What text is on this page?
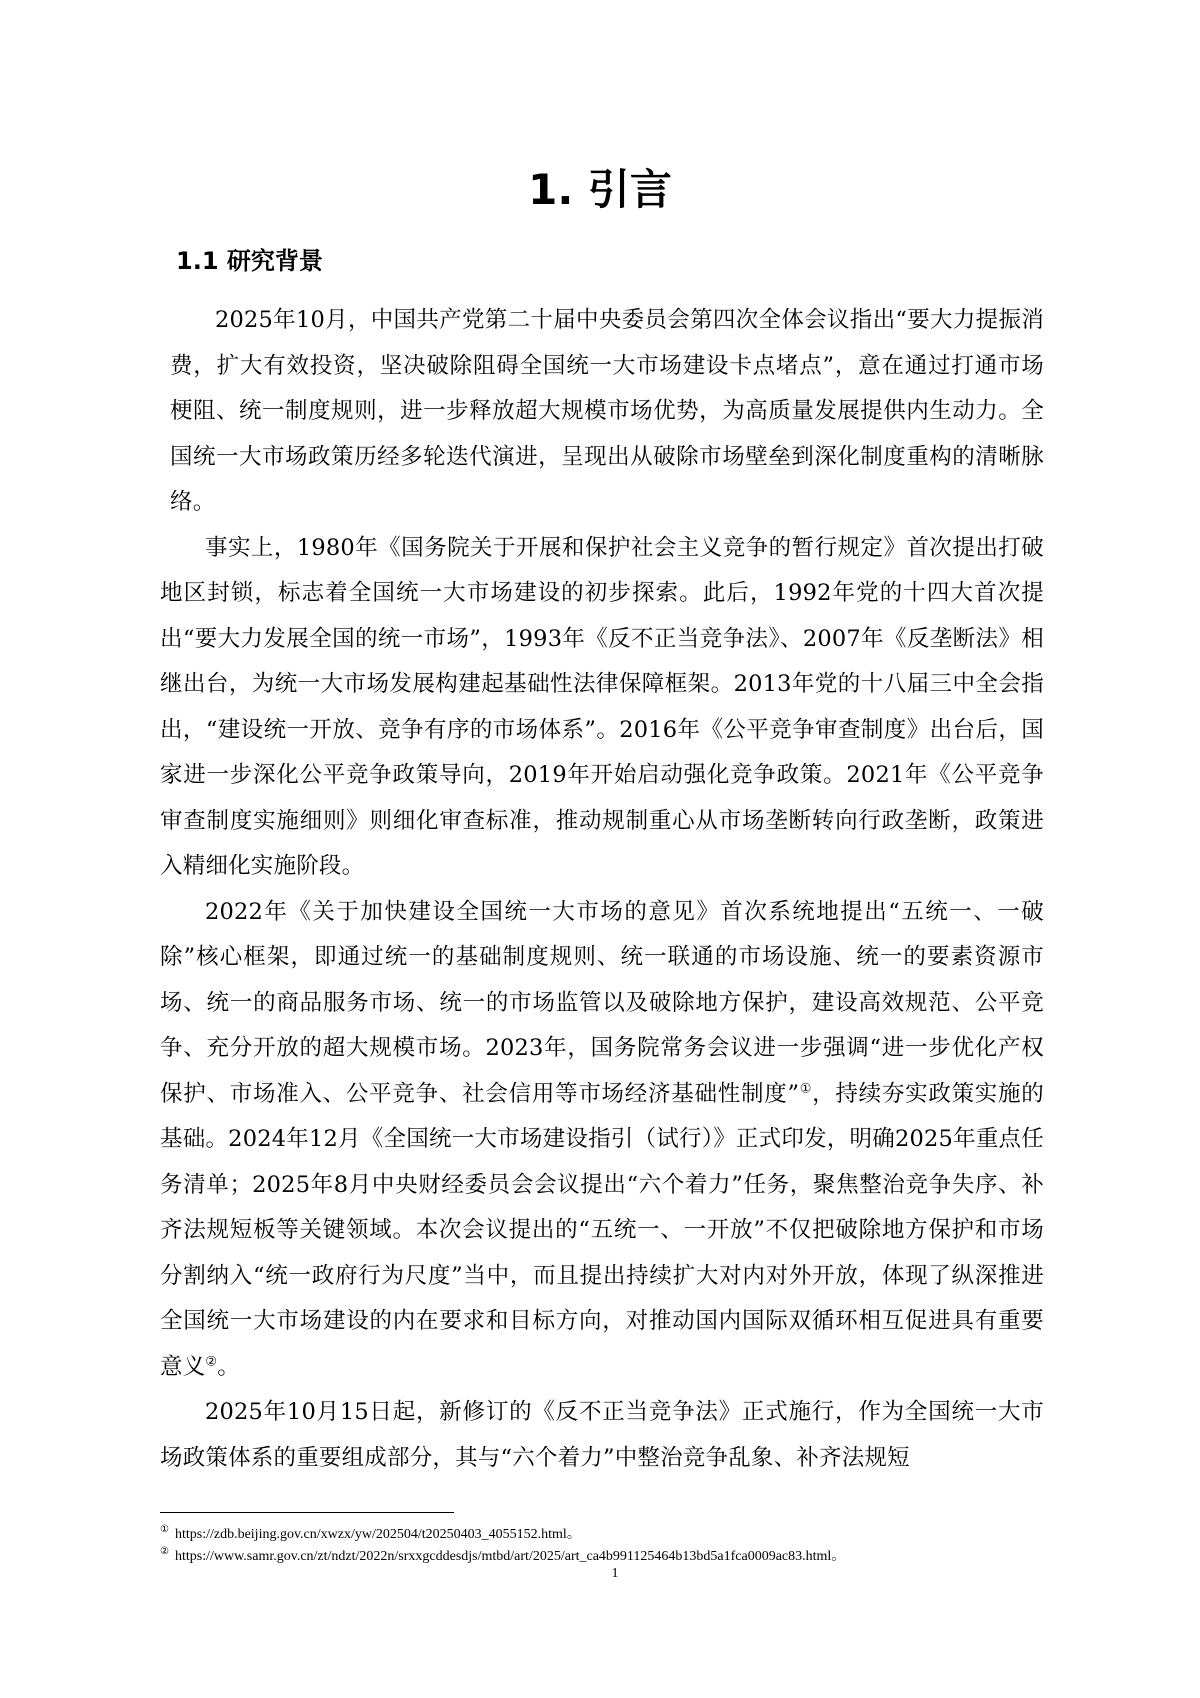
1. 引言
1.1 研究背景

2025年10月，中国共产党第二十届中央委员会第四次全体会议指出“要大力提振消费，扩大有效投资，坚决破除阻碍全国统一大市场建设卡点堵点”，意在通过打通市场梗阻、统一制度规则，进一步释放超大规模市场优势，为高质量发展提供内生动力。全国统一大市场政策历经多轮迭代演进，呈现出从破除市场壁垒到深化制度重构的清晰脉络。

事实上，1980年《国务院关于开展和保护社会主义竞争的暂行规定》首次提出打破地区封锁，标志着全国统一大市场建设的初步探索。此后，1992年党的十四大首次提出“要大力发展全国的统一市场”，1993年《反不正当竞争法》、2007年《反垄断法》相继出台，为统一大市场发展构建起基础性法律保障框架。2013年党的十八届三中全会指出，“建设统一开放、竞争有序的市场体系”。2016年《公平竞争审查制度》出台后，国家进一步深化公平竞争政策导向，2019年开始启动强化竞争政策。2021年《公平竞争审查制度实施细则》则细化审查标准，推动规制重心从市场垄断转向行政垄断，政策进入精细化实施阶段。

2022年《关于加快建设全国统一大市场的意见》首次系统地提出“五统一、一破除”核心框架，即通过统一的基础制度规则、统一联通的市场设施、统一的要素资源市场、统一的商品服务市场、统一的市场监管以及破除地方保护，建设高效规范、公平竞争、充分开放的超大规模市场。2023年，国务院常务会议进一步强调“进一步优化产权保护、市场准入、公平竞争、社会信用等市场经济基础性制度”①，持续夯实政策实施的基础。2024年12月《全国统一大市场建设指引（试行）》正式印发，明确2025年重点任务清单；2025年8月中央财经委员会会议提出“六个着力”任务，聚焦整治竞争失序、补齐法规短板等关键领域。本次会议提出的“五统一、一开放”不仅把破除地方保护和市场分割纳入“统一政府行为尺度”当中，而且提出持续扩大对内对外开放，体现了纵深推进全国统一大市场建设的内在要求和目标方向，对推动国内国际双循环相互促进具有重要意义②。

2025年10月15日起，新修订的《反不正当竞争法》正式施行，作为全国统一大市场政策体系的重要组成部分，其与“六个着力”中整治竞争乱象、补齐法规短

① https://zdb.beijing.gov.cn/xwzx/yw/202504/t20250403_4055152.html。

② https://www.samr.gov.cn/zt/ndzt/2022n/srxxgcddesdjs/mtbd/art/2025/art_ca4b991125464b13bd5a1fca0009ac83.html。

1
